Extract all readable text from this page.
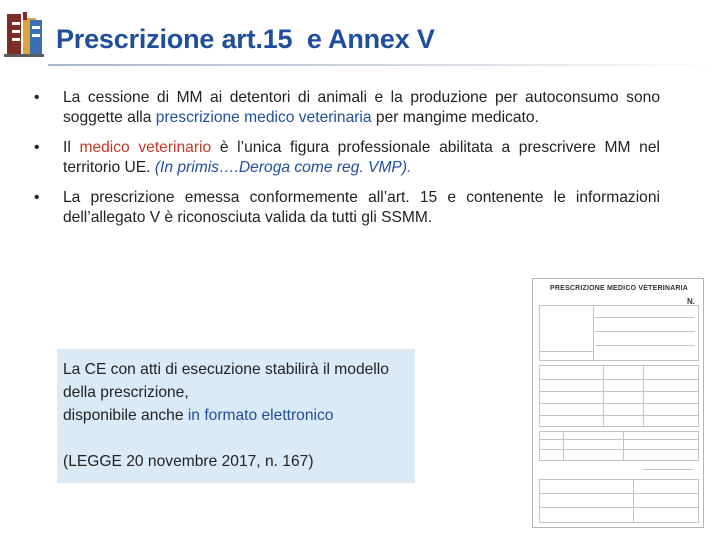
Prescrizione art.15  e Annex V
• La cessione di MM ai detentori di animali e la produzione per autoconsumo sono soggette alla prescrizione medico veterinaria per mangime medicato.
• Il medico veterinario è l’unica figura professionale abilitata a prescrivere MM nel territorio UE. (In primis….Deroga come reg. VMP).
• La prescrizione emessa conformemente all’art. 15 e contenente le informazioni dell’allegato V è riconosciuta valida da tutti gli SSMM.

La CE con atti di esecuzione stabilirà il modello della prescrizione,

disponibile anche in formato elettronico

(LEGGE 20 novembre 2017, n. 167)

PRESCRIZIONE MEDICO VETERINARIA
N.
